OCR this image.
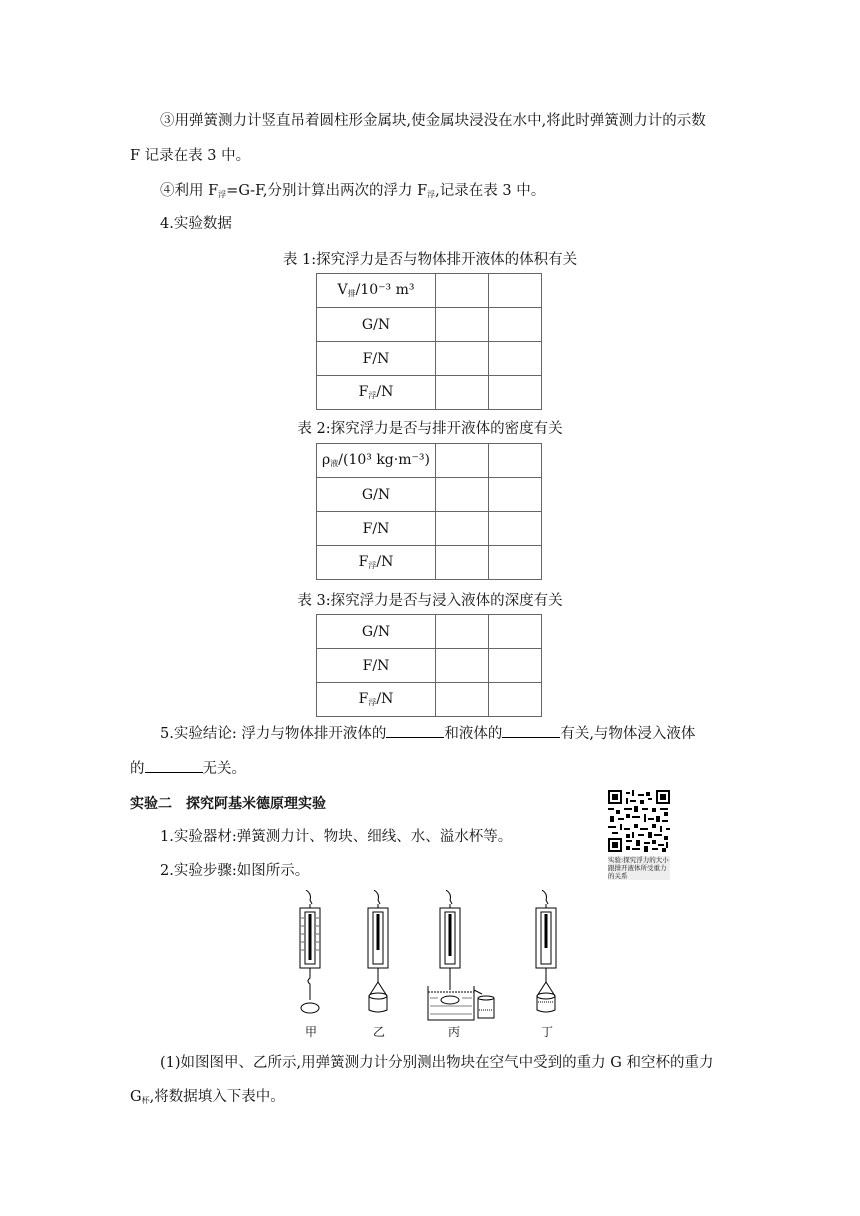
③用弹簧测力计竖直吊着圆柱形金属块,使金属块浸没在水中,将此时弹簧测力计的示数
F 记录在表 3 中。
④利用 $F_浮=G-F$,分别计算出两次的浮力 $F_浮$,记录在表 3 中。
4.实验数据
表 1:探究浮力是否与物体排开液体的体积有关
$V_排/10^{-3}$ m³		
G/N		
F/N		
$F_浮/N$		
表 2:探究浮力是否与排开液体的密度有关
$\rho_液/(10^3$ kg·m⁻³)		
G/N		
F/N		
$F_浮/N$		
表 3:探究浮力是否与浸入液体的深度有关
G/N		
F/N		
$F_浮/N$		
5.实验结论: 浮力与物体排开液体的	和液体的	有关,与物体浸入液体
的	无关。
实验二　探究阿基米德原理实验
1.实验器材:弹簧测力计、物块、细线、水、溢水杯等。
2.实验步骤:如图所示。
实验:探究浮力的大小跟排开液体所受重力的关系
甲	乙	丙	丁
(1)如图图甲、乙所示,用弹簧测力计分别测出物块在空气中受到的重力 G 和空杯的重力
$G_杯$,将数据填入下表中。
